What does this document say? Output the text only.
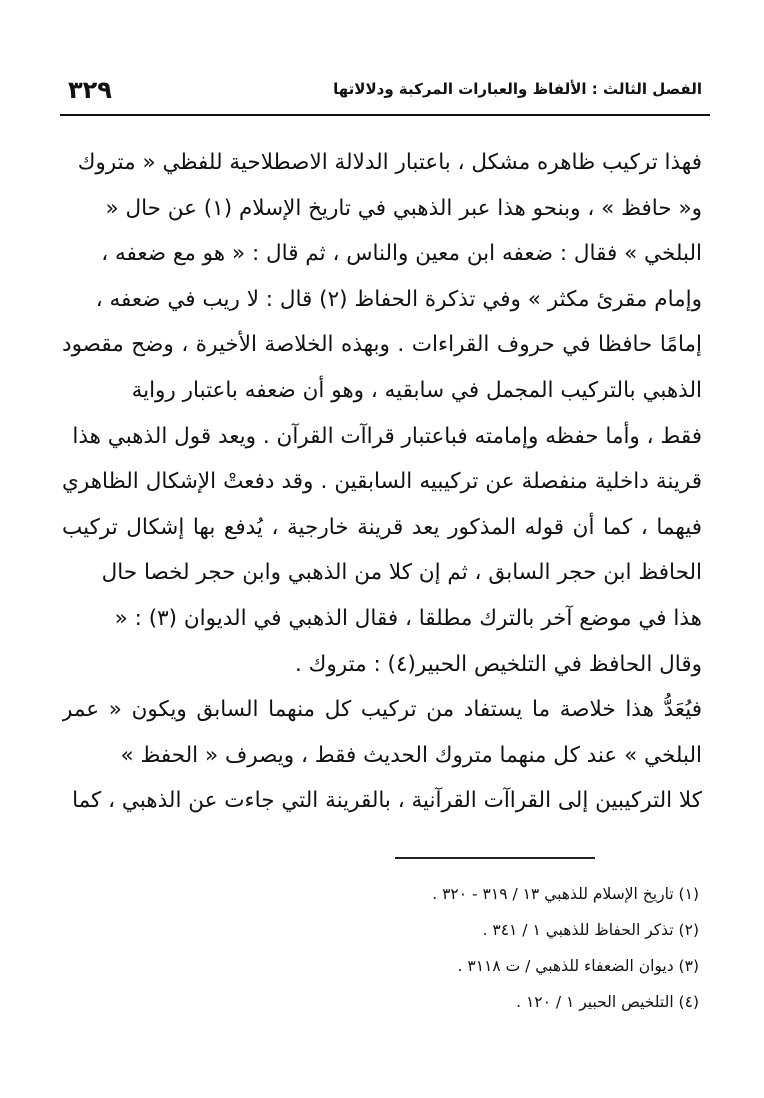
٣٢٩	الفصل الثالث : الألفاظ والعبارات المركبة ودلالاتها
فهذا تركيب ظاهره مشكل ، باعتبار الدلالة الاصطلاحية للفظي « متروك
و« حافظ » ، وبنحو هذا عبر الذهبي في تاريخ الإسلام (١) عن حال «
البلخي » فقال : ضعفه ابن معين والناس ، ثم قال : « هو مع ضعفه ،
وإمام مقرئ مكثر » وفي تذكرة الحفاظ (٢) قال : لا ريب في ضعفه ،
إمامًا حافظا في حروف القراءات . وبهذه الخلاصة الأخيرة ، وضح مقصود
الذهبي بالتركيب المجمل في سابقيه ، وهو أن ضعفه باعتبار رواية
فقط ، وأما حفظه وإمامته فباعتبار قراآت القرآن . ويعد قول الذهبي هذا
قرينة داخلية منفصلة عن تركيبيه السابقين . وقد دفعتْ الإشكال الظاهري
فيهما ، كما أن قوله المذكور يعد قرينة خارجية ، يُدفع بها إشكال تركيب
الحافظ ابن حجر السابق ، ثم إن كلا من الذهبي وابن حجر لخصا حال
هذا في موضع آخر بالترك مطلقا ، فقال الذهبي في الديوان (٣) : «
وقال الحافظ في التلخيص الحبير(٤) : متروك .
فيُعَدُّ هذا خلاصة ما يستفاد من تركيب كل منهما السابق ويكون « عمر
البلخي » عند كل منهما متروك الحديث فقط ، ويصرف « الحفظ »
كلا التركيبين إلى القراآت القرآنية ، بالقرينة التي جاءت عن الذهبي ، كما
(١) تاريخ الإسلام للذهبي ١٣ / ٣١٩ - ٣٢٠ .
(٢) تذكر الحفاظ للذهبي ١ / ٣٤١ .
(٣) ديوان الضعفاء للذهبي / ت ٣١١٨ .
(٤) التلخيص الحبير ١ / ١٢٠ .
